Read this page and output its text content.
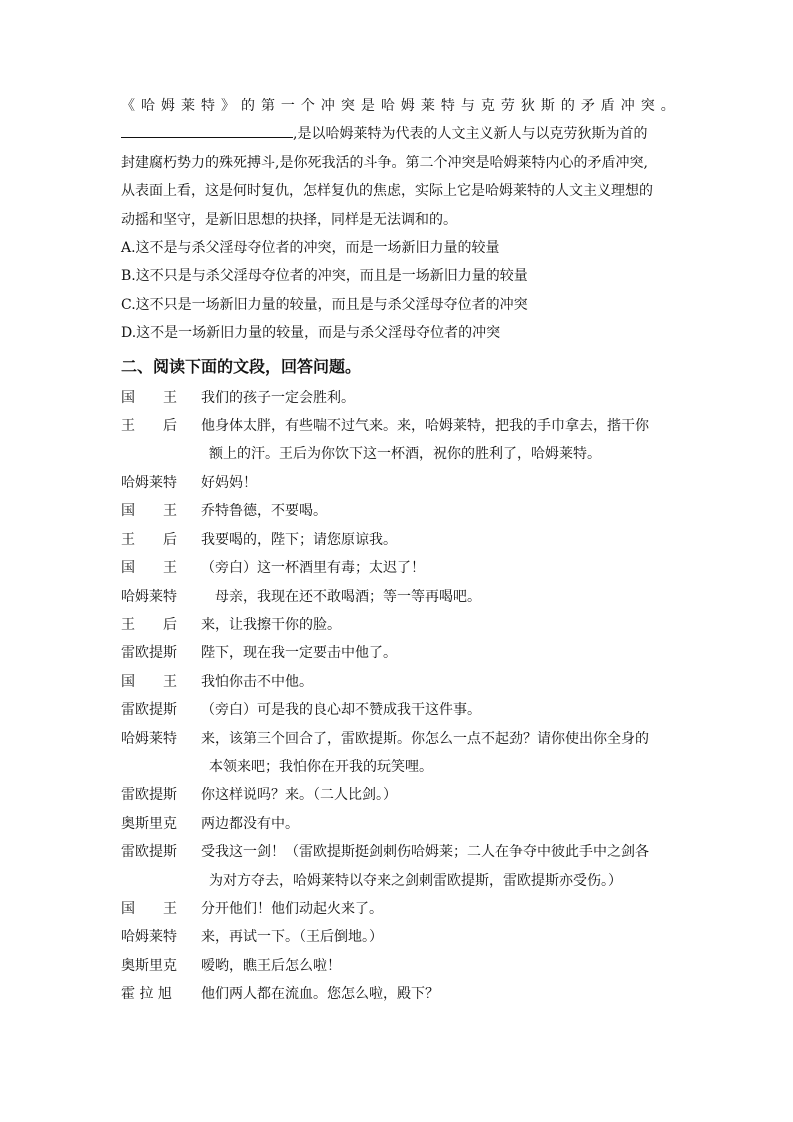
《哈姆莱特》的第一个冲突是哈姆莱特与克劳狄斯的矛盾冲突。

,是以哈姆莱特为代表的人文主义新人与以克劳狄斯为首的

封建腐朽势力的殊死搏斗,是你死我活的斗争。第二个冲突是哈姆莱特内心的矛盾冲突,

从表面上看，这是何时复仇，怎样复仇的焦虑，实际上它是哈姆莱特的人文主义理想的

动摇和坚守，是新旧思想的抉择，同样是无法调和的。

A.这不是与杀父淫母夺位者的冲突，而是一场新旧力量的较量

B.这不只是与杀父淫母夺位者的冲突，而且是一场新旧力量的较量

C.这不只是一场新旧力量的较量，而且是与杀父淫母夺位者的冲突

D.这不是一场新旧力量的较量，而是与杀父淫母夺位者的冲突

二、阅读下面的文段，回答问题。

国　　王	我们的孩子一定会胜利。
王　　后	他身体太胖，有些喘不过气来。来，哈姆莱特，把我的手巾拿去，揩干你
额上的汗。王后为你饮下这一杯酒，祝你的胜利了，哈姆莱特。
哈姆莱特	好妈妈！
国　　王	乔特鲁德，不要喝。
王　　后	我要喝的，陛下；请您原谅我。
国　　王	（旁白）这一杯酒里有毒；太迟了！
哈姆莱特	　母亲，我现在还不敢喝酒；等一等再喝吧。
王　　后	来，让我擦干你的脸。
雷欧提斯	陛下，现在我一定要击中他了。
国　　王	我怕你击不中他。
雷欧提斯	（旁白）可是我的良心却不赞成我干这件事。
哈姆莱特	来，该第三个回合了，雷欧提斯。你怎么一点不起劲？请你使出你全身的
本领来吧；我怕你在开我的玩笑哩。
雷欧提斯	你这样说吗？来。（二人比剑。）
奥斯里克	两边都没有中。
雷欧提斯	受我这一剑！（雷欧提斯挺剑刺伤哈姆莱；二人在争夺中彼此手中之剑各
为对方夺去，哈姆莱特以夺来之剑刺雷欧提斯，雷欧提斯亦受伤。）
国　　王	分开他们！他们动起火来了。
哈姆莱特	来，再试一下。（王后倒地。）
奥斯里克	嗳哟，瞧王后怎么啦！
霍 拉 旭	他们两人都在流血。您怎么啦，殿下？
